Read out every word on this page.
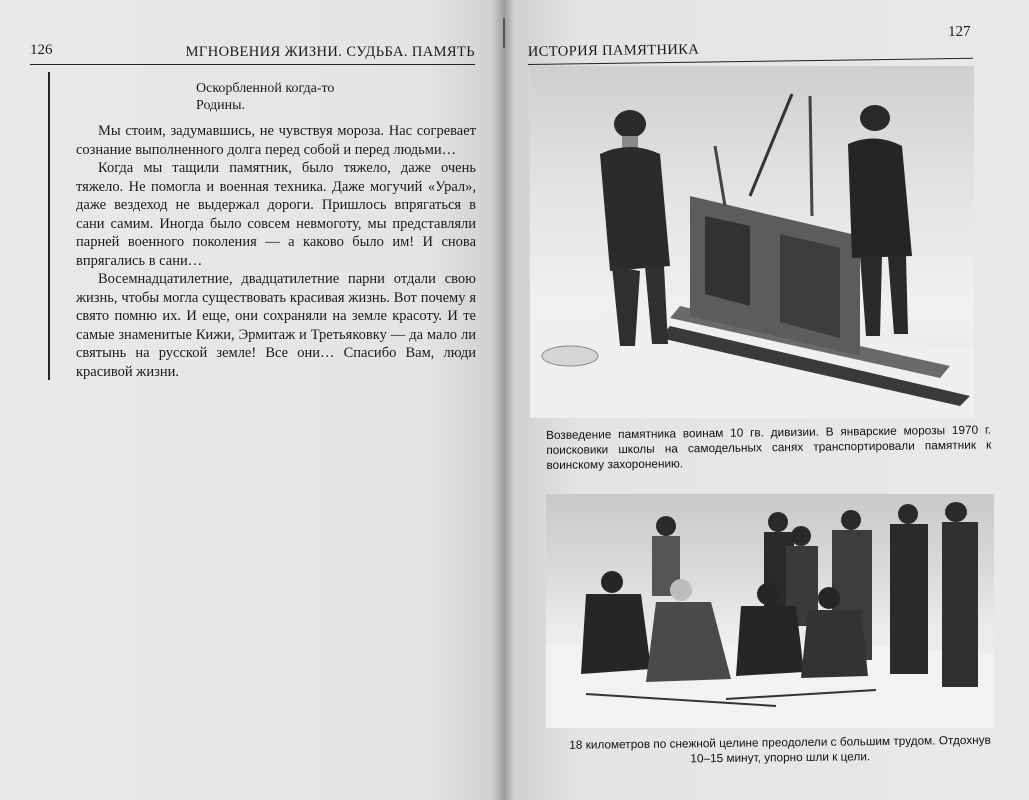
126	МГНОВЕНИЯ ЖИЗНИ. СУДЬБА. ПАМЯТЬ
Оскорбленной когда-то
Родины.

Мы стоим, задумавшись, не чувствуя мороза. Нас согревает сознание выполненного долга перед собой и перед людьми…

Когда мы тащили памятник, было тяжело, даже очень тяжело. Не помогла и военная техника. Даже могучий «Урал», даже вездеход не выдержал дороги. Пришлось впрягаться в сани самим. Иногда было совсем невмоготу, мы представляли парней военного поколения — а каково было им! И снова впрягались в сани…

Восемнадцатилетние, двадцатилетние парни отдали свою жизнь, чтобы могла существовать красивая жизнь. Вот почему я свято помню их. И еще, они сохраняли на земле красоту. И те самые знаменитые Кижи, Эрмитаж и Третьяковку — да мало ли святынь на русской земле! Все они… Спасибо Вам, люди красивой жизни.

ИСТОРИЯ ПАМЯТНИКА
127
Возведение памятника воинам 10 гв. дивизии. В январские морозы 1970 г. поисковики школы на самодельных санях транспортировали памятник к воинскому захоронению.
18 километров по снежной целине преодолели с большим трудом. Отдохнув 10–15 минут, упорно шли к цели.
